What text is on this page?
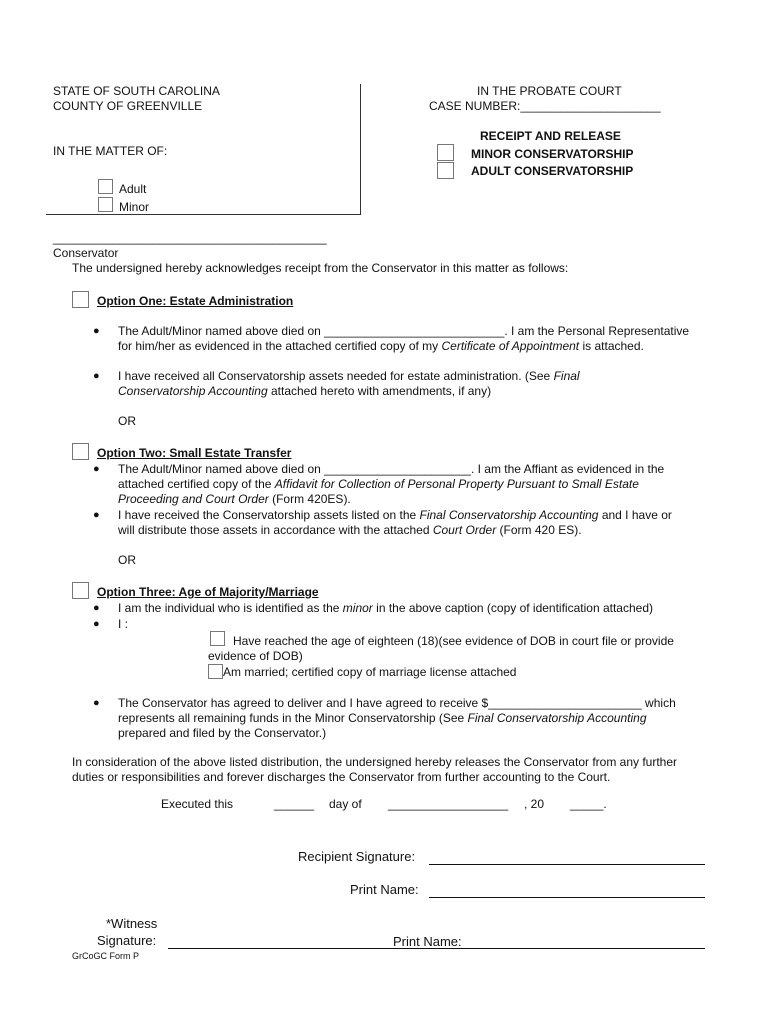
STATE OF SOUTH CAROLINA
COUNTY OF GREENVILLE
IN THE PROBATE COURT
CASE NUMBER:_____________________
IN THE MATTER OF:
Adult
Minor
RECEIPT AND RELEASE
MINOR CONSERVATORSHIP
ADULT CONSERVATORSHIP
_________________________________________
Conservator
The undersigned hereby acknowledges receipt from the Conservator in this matter as follows:
Option One: Estate Administration
● The Adult/Minor named above died on ___________________________. I am the Personal Representative for him/her as evidenced in the attached certified copy of my Certificate of Appointment is attached.
● I have received all Conservatorship assets needed for estate administration. (See Final Conservatorship Accounting attached hereto with amendments, if any)
OR
Option Two: Small Estate Transfer
● The Adult/Minor named above died on ______________________. I am the Affiant as evidenced in the attached certified copy of the Affidavit for Collection of Personal Property Pursuant to Small Estate Proceeding and Court Order (Form 420ES).
● I have received the Conservatorship assets listed on the Final Conservatorship Accounting and I have or will distribute those assets in accordance with the attached Court Order (Form 420 ES).
OR
Option Three: Age of Majority/Marriage
● I am the individual who is identified as the minor in the above caption (copy of identification attached)
● I :
Have reached the age of eighteen (18)(see evidence of DOB in court file or provide evidence of DOB)
Am married; certified copy of marriage license attached
● The Conservator has agreed to deliver and I have agreed to receive $_______________________ which represents all remaining funds in the Minor Conservatorship (See Final Conservatorship Accounting prepared and filed by the Conservator.)
In consideration of the above listed distribution, the undersigned hereby releases the Conservator from any further duties or responsibilities and forever discharges the Conservator from further accounting to the Court.
Executed this	______ day of __________________ , 20 _____.
Recipient Signature:
Print Name:
*Witness
Signature:	Print Name:
GrCoGC Form P
